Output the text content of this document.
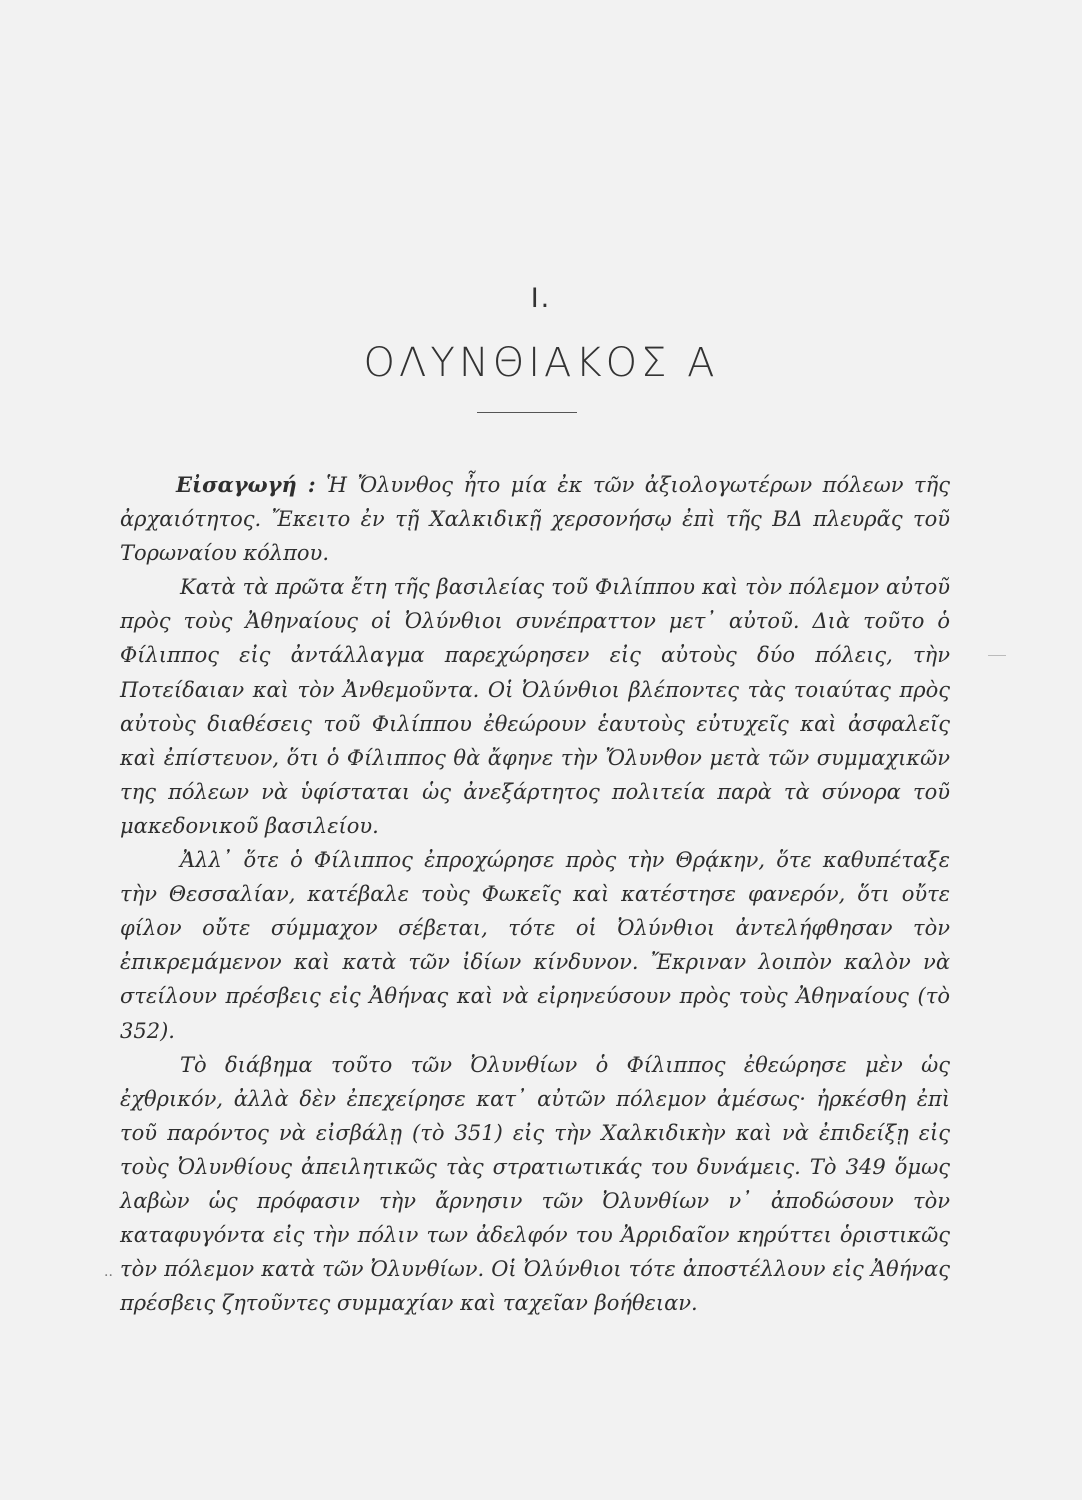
I.
ΟΛΥΝΘΙΑΚΟΣ Α

Εἰσαγωγή : Ἡ Ὄλυνθος ἦτο μία ἐκ τῶν ἀξιολογωτέρων πόλεων τῆς ἀρχαιότητος. Ἔκειτο ἐν τῇ Χαλκιδικῇ χερσονήσῳ ἐπὶ τῆς ΒΔ πλευρᾶς τοῦ Τορωναίου κόλπου.

Κατὰ τὰ πρῶτα ἔτη τῆς βασιλείας τοῦ Φιλίππου καὶ τὸν πόλεμον αὐτοῦ πρὸς τοὺς Ἀθηναίους οἱ Ὀλύνθιοι συνέπραττον μετ᾽ αὐτοῦ. Διὰ τοῦτο ὁ Φίλιππος εἰς ἀντάλλαγμα παρεχώρησεν εἰς αὐτοὺς δύο πόλεις, τὴν Ποτείδαιαν καὶ τὸν Ἀνθεμοῦντα. Οἱ Ὀλύνθιοι βλέποντες τὰς τοιαύτας πρὸς αὐτοὺς διαθέσεις τοῦ Φιλίππου ἐθεώρουν ἑαυτοὺς εὐτυχεῖς καὶ ἀσφαλεῖς καὶ ἐπίστευον, ὅτι ὁ Φίλιππος θὰ ἄφηνε τὴν Ὄλυνθον μετὰ τῶν συμμαχικῶν της πόλεων νὰ ὑφίσταται ὡς ἀνεξάρτητος πολιτεία παρὰ τὰ σύνορα τοῦ μακεδονικοῦ βασιλείου.

Ἀλλ᾽ ὅτε ὁ Φίλιππος ἐπροχώρησε πρὸς τὴν Θρᾴκην, ὅτε καθυπέταξε τὴν Θεσσαλίαν, κατέβαλε τοὺς Φωκεῖς καὶ κατέστησε φανερόν, ὅτι οὔτε φίλον οὔτε σύμμαχον σέβεται, τότε οἱ Ὀλύνθιοι ἀντελήφθησαν τὸν ἐπικρεμάμενον καὶ κατὰ τῶν ἰδίων κίνδυνον. Ἔκριναν λοιπὸν καλὸν νὰ στείλουν πρέσβεις εἰς Ἀθήνας καὶ νὰ εἰρηνεύσουν πρὸς τοὺς Ἀθηναίους (τὸ 352).

Τὸ διάβημα τοῦτο τῶν Ὀλυνθίων ὁ Φίλιππος ἐθεώρησε μὲν ὡς ἐχθρικόν, ἀλλὰ δὲν ἐπεχείρησε κατ᾽ αὐτῶν πόλεμον ἀμέσως· ἠρκέσθη ἐπὶ τοῦ παρόντος νὰ εἰσβάλῃ (τὸ 351) εἰς τὴν Χαλκιδικὴν καὶ νὰ ἐπιδείξῃ εἰς τοὺς Ὀλυνθίους ἀπειλητικῶς τὰς στρατιωτικάς του δυνάμεις. Τὸ 349 ὅμως λαβὼν ὡς πρόφασιν τὴν ἄρνησιν τῶν Ὀλυνθίων ν᾽ ἀποδώσουν τὸν καταφυγόντα εἰς τὴν πόλιν των ἀδελφόν του Ἀρριδαῖον κηρύττει ὁριστικῶς τὸν πόλεμον κατὰ τῶν Ὀλυνθίων. Οἱ Ὀλύνθιοι τότε ἀποστέλλουν εἰς Ἀθήνας πρέσβεις ζητοῦντες συμμαχίαν καὶ ταχεῖαν βοήθειαν.

··
